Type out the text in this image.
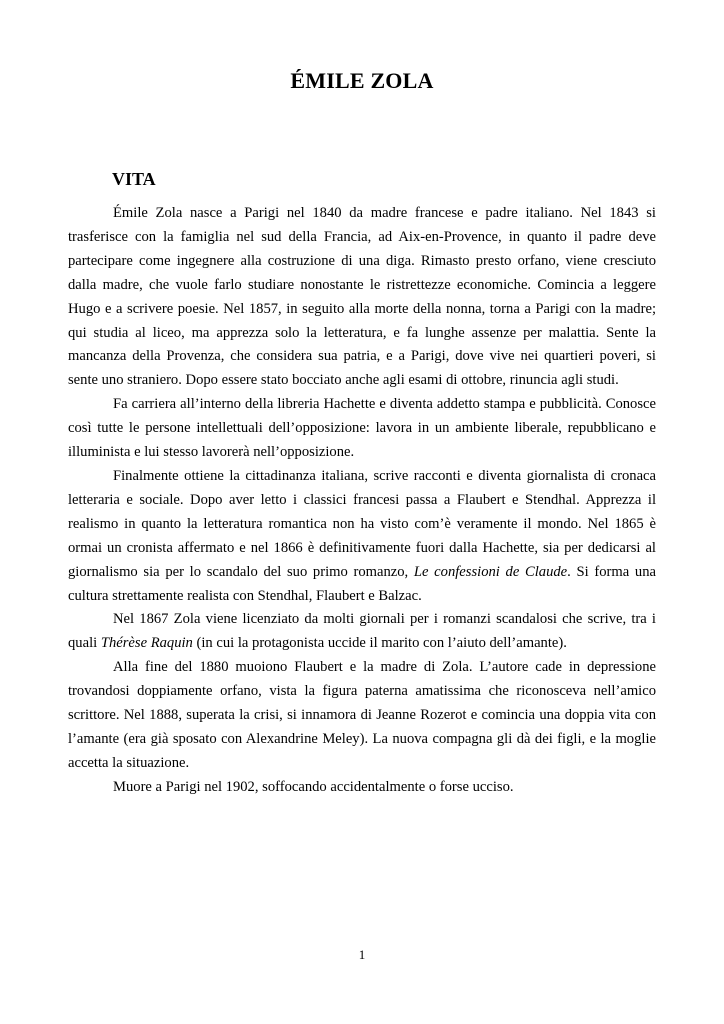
ÉMILE ZOLA
VITA

Émile Zola nasce a Parigi nel 1840 da madre francese e padre italiano. Nel 1843 si trasferisce con la famiglia nel sud della Francia, ad Aix-en-Provence, in quanto il padre deve partecipare come ingegnere alla costruzione di una diga. Rimasto presto orfano, viene cresciuto dalla madre, che vuole farlo studiare nonostante le ristrettezze economiche. Comincia a leggere Hugo e a scrivere poesie. Nel 1857, in seguito alla morte della nonna, torna a Parigi con la madre; qui studia al liceo, ma apprezza solo la letteratura, e fa lunghe assenze per malattia. Sente la mancanza della Provenza, che considera sua patria, e a Parigi, dove vive nei quartieri poveri, si sente uno straniero. Dopo essere stato bocciato anche agli esami di ottobre, rinuncia agli studi.

Fa carriera all’interno della libreria Hachette e diventa addetto stampa e pubblicità. Conosce così tutte le persone intellettuali dell’opposizione: lavora in un ambiente liberale, repubblicano e illuminista e lui stesso lavorerà nell’opposizione.

Finalmente ottiene la cittadinanza italiana, scrive racconti e diventa giornalista di cronaca letteraria e sociale. Dopo aver letto i classici francesi passa a Flaubert e Stendhal. Apprezza il realismo in quanto la letteratura romantica non ha visto com’è veramente il mondo. Nel 1865 è ormai un cronista affermato e nel 1866 è definitivamente fuori dalla Hachette, sia per dedicarsi al giornalismo sia per lo scandalo del suo primo romanzo, Le confessioni de Claude. Si forma una cultura strettamente realista con Stendhal, Flaubert e Balzac.

Nel 1867 Zola viene licenziato da molti giornali per i romanzi scandalosi che scrive, tra i quali Thérèse Raquin (in cui la protagonista uccide il marito con l’aiuto dell’amante).

Alla fine del 1880 muoiono Flaubert e la madre di Zola. L’autore cade in depressione trovandosi doppiamente orfano, vista la figura paterna amatissima che riconosceva nell’amico scrittore. Nel 1888, superata la crisi, si innamora di Jeanne Rozerot e comincia una doppia vita con l’amante (era già sposato con Alexandrine Meley). La nuova compagna gli dà dei figli, e la moglie accetta la situazione.

Muore a Parigi nel 1902, soffocando accidentalmente o forse ucciso.

1
